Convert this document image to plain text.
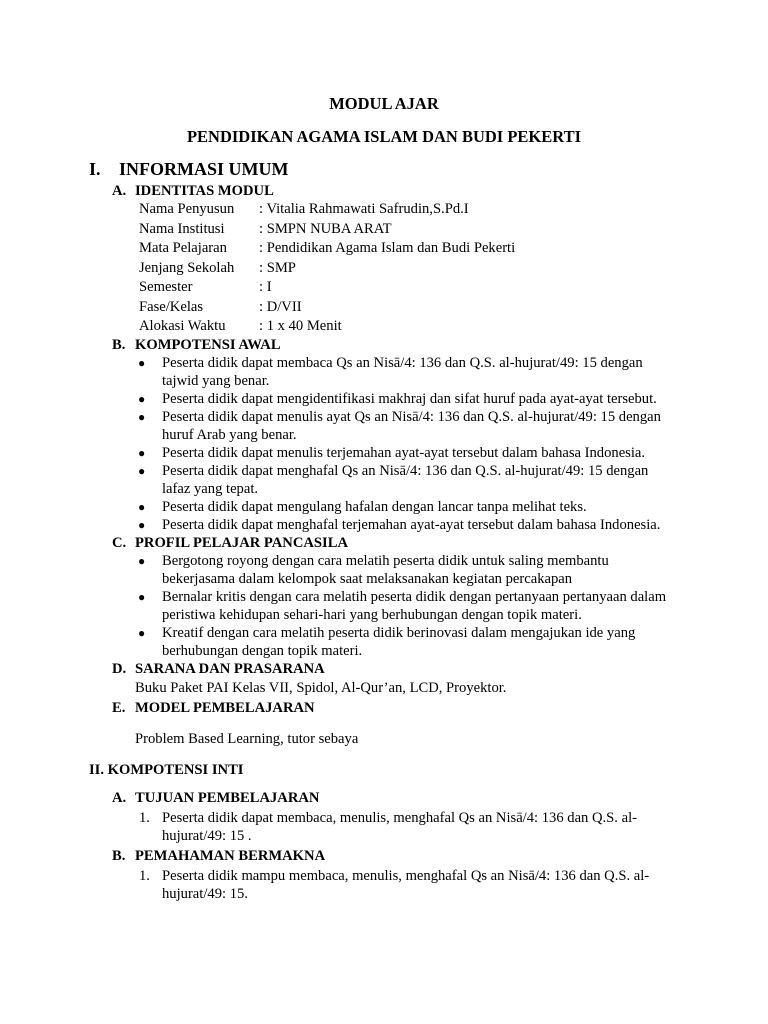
MODUL AJAR
PENDIDIKAN AGAMA ISLAM DAN BUDI PEKERTI
I. INFORMASI UMUM
A. IDENTITAS MODUL
Nama Penyusun	: Vitalia Rahmawati Safrudin,S.Pd.I
Nama Institusi	: SMPN NUBA ARAT
Mata Pelajaran	: Pendidikan Agama Islam dan Budi Pekerti
Jenjang Sekolah	: SMP
Semester	: I
Fase/Kelas	: D/VII
Alokasi Waktu	: 1 x 40 Menit
B. KOMPOTENSI AWAL
● Peserta didik dapat membaca Qs an Nisā/4: 136 dan Q.S. al-hujurat/49: 15 dengan tajwid yang benar.
● Peserta didik dapat mengidentifikasi makhraj dan sifat huruf pada ayat-ayat tersebut.
● Peserta didik dapat menulis ayat Qs an Nisā/4: 136 dan Q.S. al-hujurat/49: 15 dengan huruf Arab yang benar.
● Peserta didik dapat menulis terjemahan ayat-ayat tersebut dalam bahasa Indonesia.
● Peserta didik dapat menghafal Qs an Nisā/4: 136 dan Q.S. al-hujurat/49: 15 dengan lafaz yang tepat.
● Peserta didik dapat mengulang hafalan dengan lancar tanpa melihat teks.
● Peserta didik dapat menghafal terjemahan ayat-ayat tersebut dalam bahasa Indonesia.
C. PROFIL PELAJAR PANCASILA
● Bergotong royong dengan cara melatih peserta didik untuk saling membantu bekerjasama dalam kelompok saat melaksanakan kegiatan percakapan
● Bernalar kritis dengan cara melatih peserta didik dengan pertanyaan pertanyaan dalam peristiwa kehidupan sehari-hari yang berhubungan dengan topik materi.
● Kreatif dengan cara melatih peserta didik berinovasi dalam mengajukan ide yang berhubungan dengan topik materi.
D. SARANA DAN PRASARANA
Buku Paket PAI Kelas VII, Spidol, Al-Qur’an, LCD, Proyektor.
E. MODEL PEMBELAJARAN
Problem Based Learning, tutor sebaya
II. KOMPOTENSI INTI
A. TUJUAN PEMBELAJARAN
1. Peserta didik dapat membaca, menulis, menghafal Qs an Nisā/4: 136 dan Q.S. al-hujurat/49: 15 .
B. PEMAHAMAN BERMAKNA
1. Peserta didik mampu membaca, menulis, menghafal Qs an Nisā/4: 136 dan Q.S. al-hujurat/49: 15.
